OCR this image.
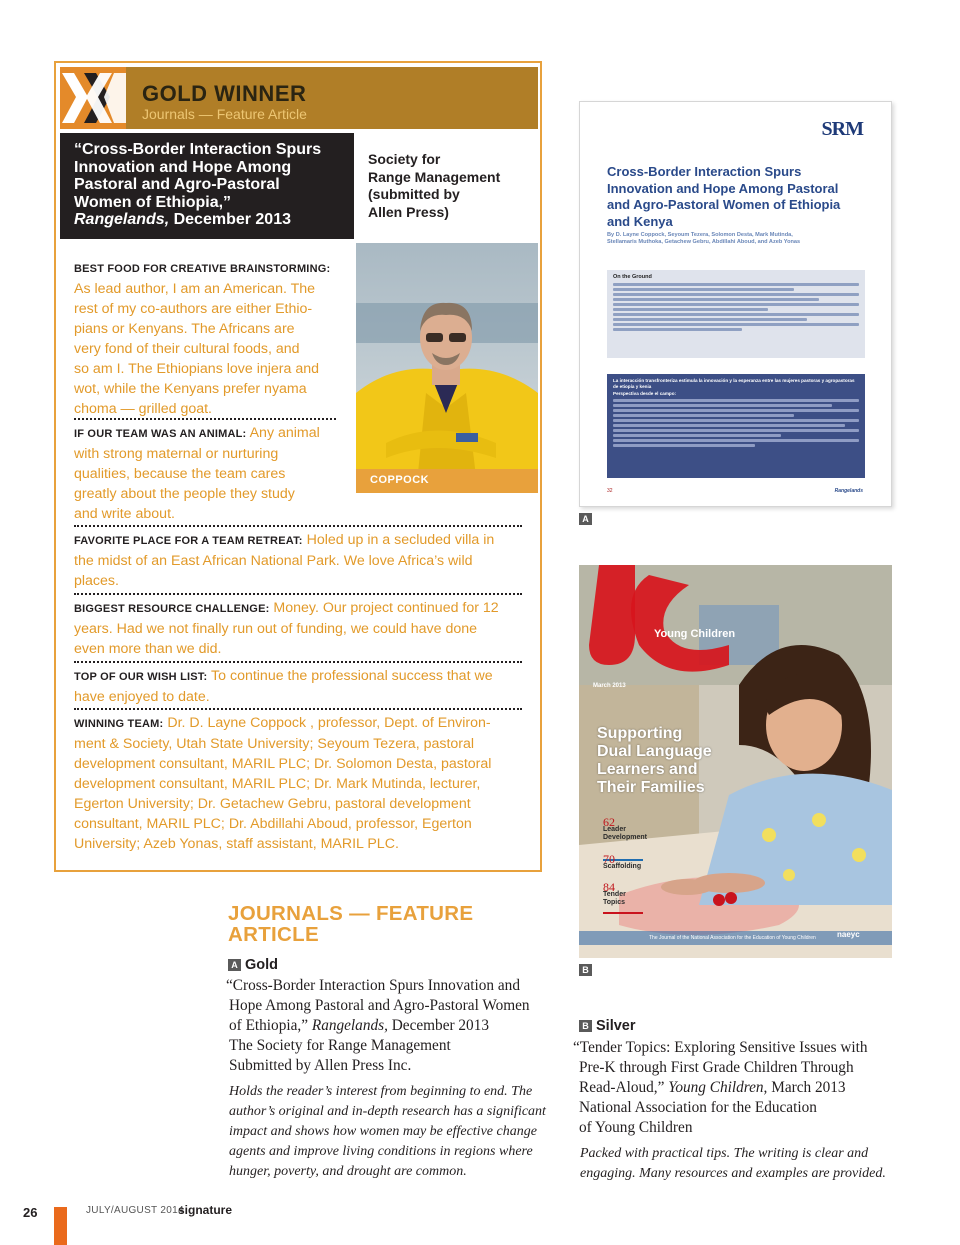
GOLD WINNER
Journals — Feature Article
“Cross-Border Interaction Spurs
Innovation and Hope Among
Pastoral and Agro-Pastoral
Women of Ethiopia,”
Rangelands, December 2013
Society for
Range Management
(submitted by
Allen Press)
COPPOCK
BEST FOOD FOR CREATIVE BRAINSTORMING:
As lead author, I am an American. The
rest of my co-authors are either Ethio-
pians or Kenyans. The Africans are
very fond of their cultural foods, and
so am I. The Ethiopians love injera and
wot, while the Kenyans prefer nyama
choma — grilled goat.
IF OUR TEAM WAS AN ANIMAL: Any animal
with strong maternal or nurturing
qualities, because the team cares
greatly about the people they study
and write about.
FAVORITE PLACE FOR A TEAM RETREAT: Holed up in a secluded villa in
the midst of an East African National Park. We love Africa’s wild
places.
BIGGEST RESOURCE CHALLENGE: Money. Our project continued for 12
years. Had we not finally run out of funding, we could have done
even more than we did.
TOP OF OUR WISH LIST: To continue the professional success that we
have enjoyed to date.
WINNING TEAM: Dr. D. Layne Coppock , professor, Dept. of Environ-
ment & Society, Utah State University; Seyoum Tezera, pastoral
development consultant, MARIL PLC; Dr. Solomon Desta, pastoral
development consultant, MARIL PLC; Dr. Mark Mutinda, lecturer,
Egerton University; Dr. Getachew Gebru, pastoral development
consultant, MARIL PLC; Dr. Abdillahi Aboud, professor, Egerton
University; Azeb Yonas, staff assistant, MARIL PLC.
SRM
Cross-Border Interaction Spurs
Innovation and Hope Among Pastoral
and Agro-Pastoral Women of Ethiopia
and Kenya
By D. Layne Coppock, Seyoum Tezera, Solomon Desta, Mark Mutinda,
Stellamaris Muthoka, Getachew Gebru, Abdillahi Aboud, and Azeb Yonas
On the Ground
La interacción transfronteriza estimula la innovación y la esperanza entre las mujeres pastoras y agropastoras de etiopía y kenia
Perspectiva desde el campo:
32	Rangelands
A
Young Children
March 2013
Supporting
Dual Language
Learners and
Their Families
62
Leader
Development
70
Scaffolding
84
Tender
Topics
The Journal of the National Association for the Education of Young Children	naeyc
B
JOURNALS — FEATURE
ARTICLE
A Gold
“Cross-Border Interaction Spurs Innovation and
Hope Among Pastoral and Agro-Pastoral Women
of Ethiopia,” Rangelands, December 2013
The Society for Range Management
Submitted by Allen Press Inc.
Holds the reader’s interest from beginning to end. The
author’s original and in-depth research has a significant
impact and shows how women may be effective change
agents and improve living conditions in regions where
hunger, poverty, and drought are common.
B Silver
“Tender Topics: Exploring Sensitive Issues with
Pre-K through First Grade Children Through
Read-Aloud,” Young Children, March 2013
National Association for the Education
of Young Children
Packed with practical tips. The writing is clear and
engaging. Many resources and examples are provided.
26	JULY/AUGUST 2014
signature
